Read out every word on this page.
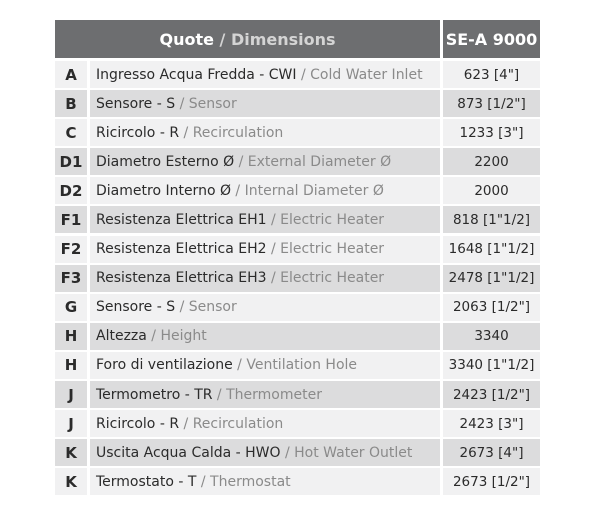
Quote / Dimensions	SE-A 9000
A	Ingresso Acqua Fredda - CWI / Cold Water Inlet	623 [4"]
B	Sensore - S / Sensor	873 [1/2"]
C	Ricircolo - R / Recirculation	1233 [3"]
D1 Diametro Esterno Ø / External Diameter Ø	2200
D2 Diametro Interno Ø / Internal Diameter Ø	2000
F1	Resistenza Elettrica EH1 / Electric Heater	818 [1"1/2]
F2	Resistenza Elettrica EH2 / Electric Heater	1648 [1"1/2]
F3	Resistenza Elettrica EH3 / Electric Heater	2478 [1"1/2]
G	Sensore - S / Sensor	2063 [1/2"]
H	Altezza / Height	3340
H	Foro di ventilazione / Ventilation Hole	3340 [1"1/2]
J	Termometro - TR / Thermometer	2423 [1/2"]
J	Ricircolo - R / Recirculation	2423 [3"]
K	Uscita Acqua Calda - HWO / Hot Water Outlet	2673 [4"]
K	Termostato - T / Thermostat	2673 [1/2"]
